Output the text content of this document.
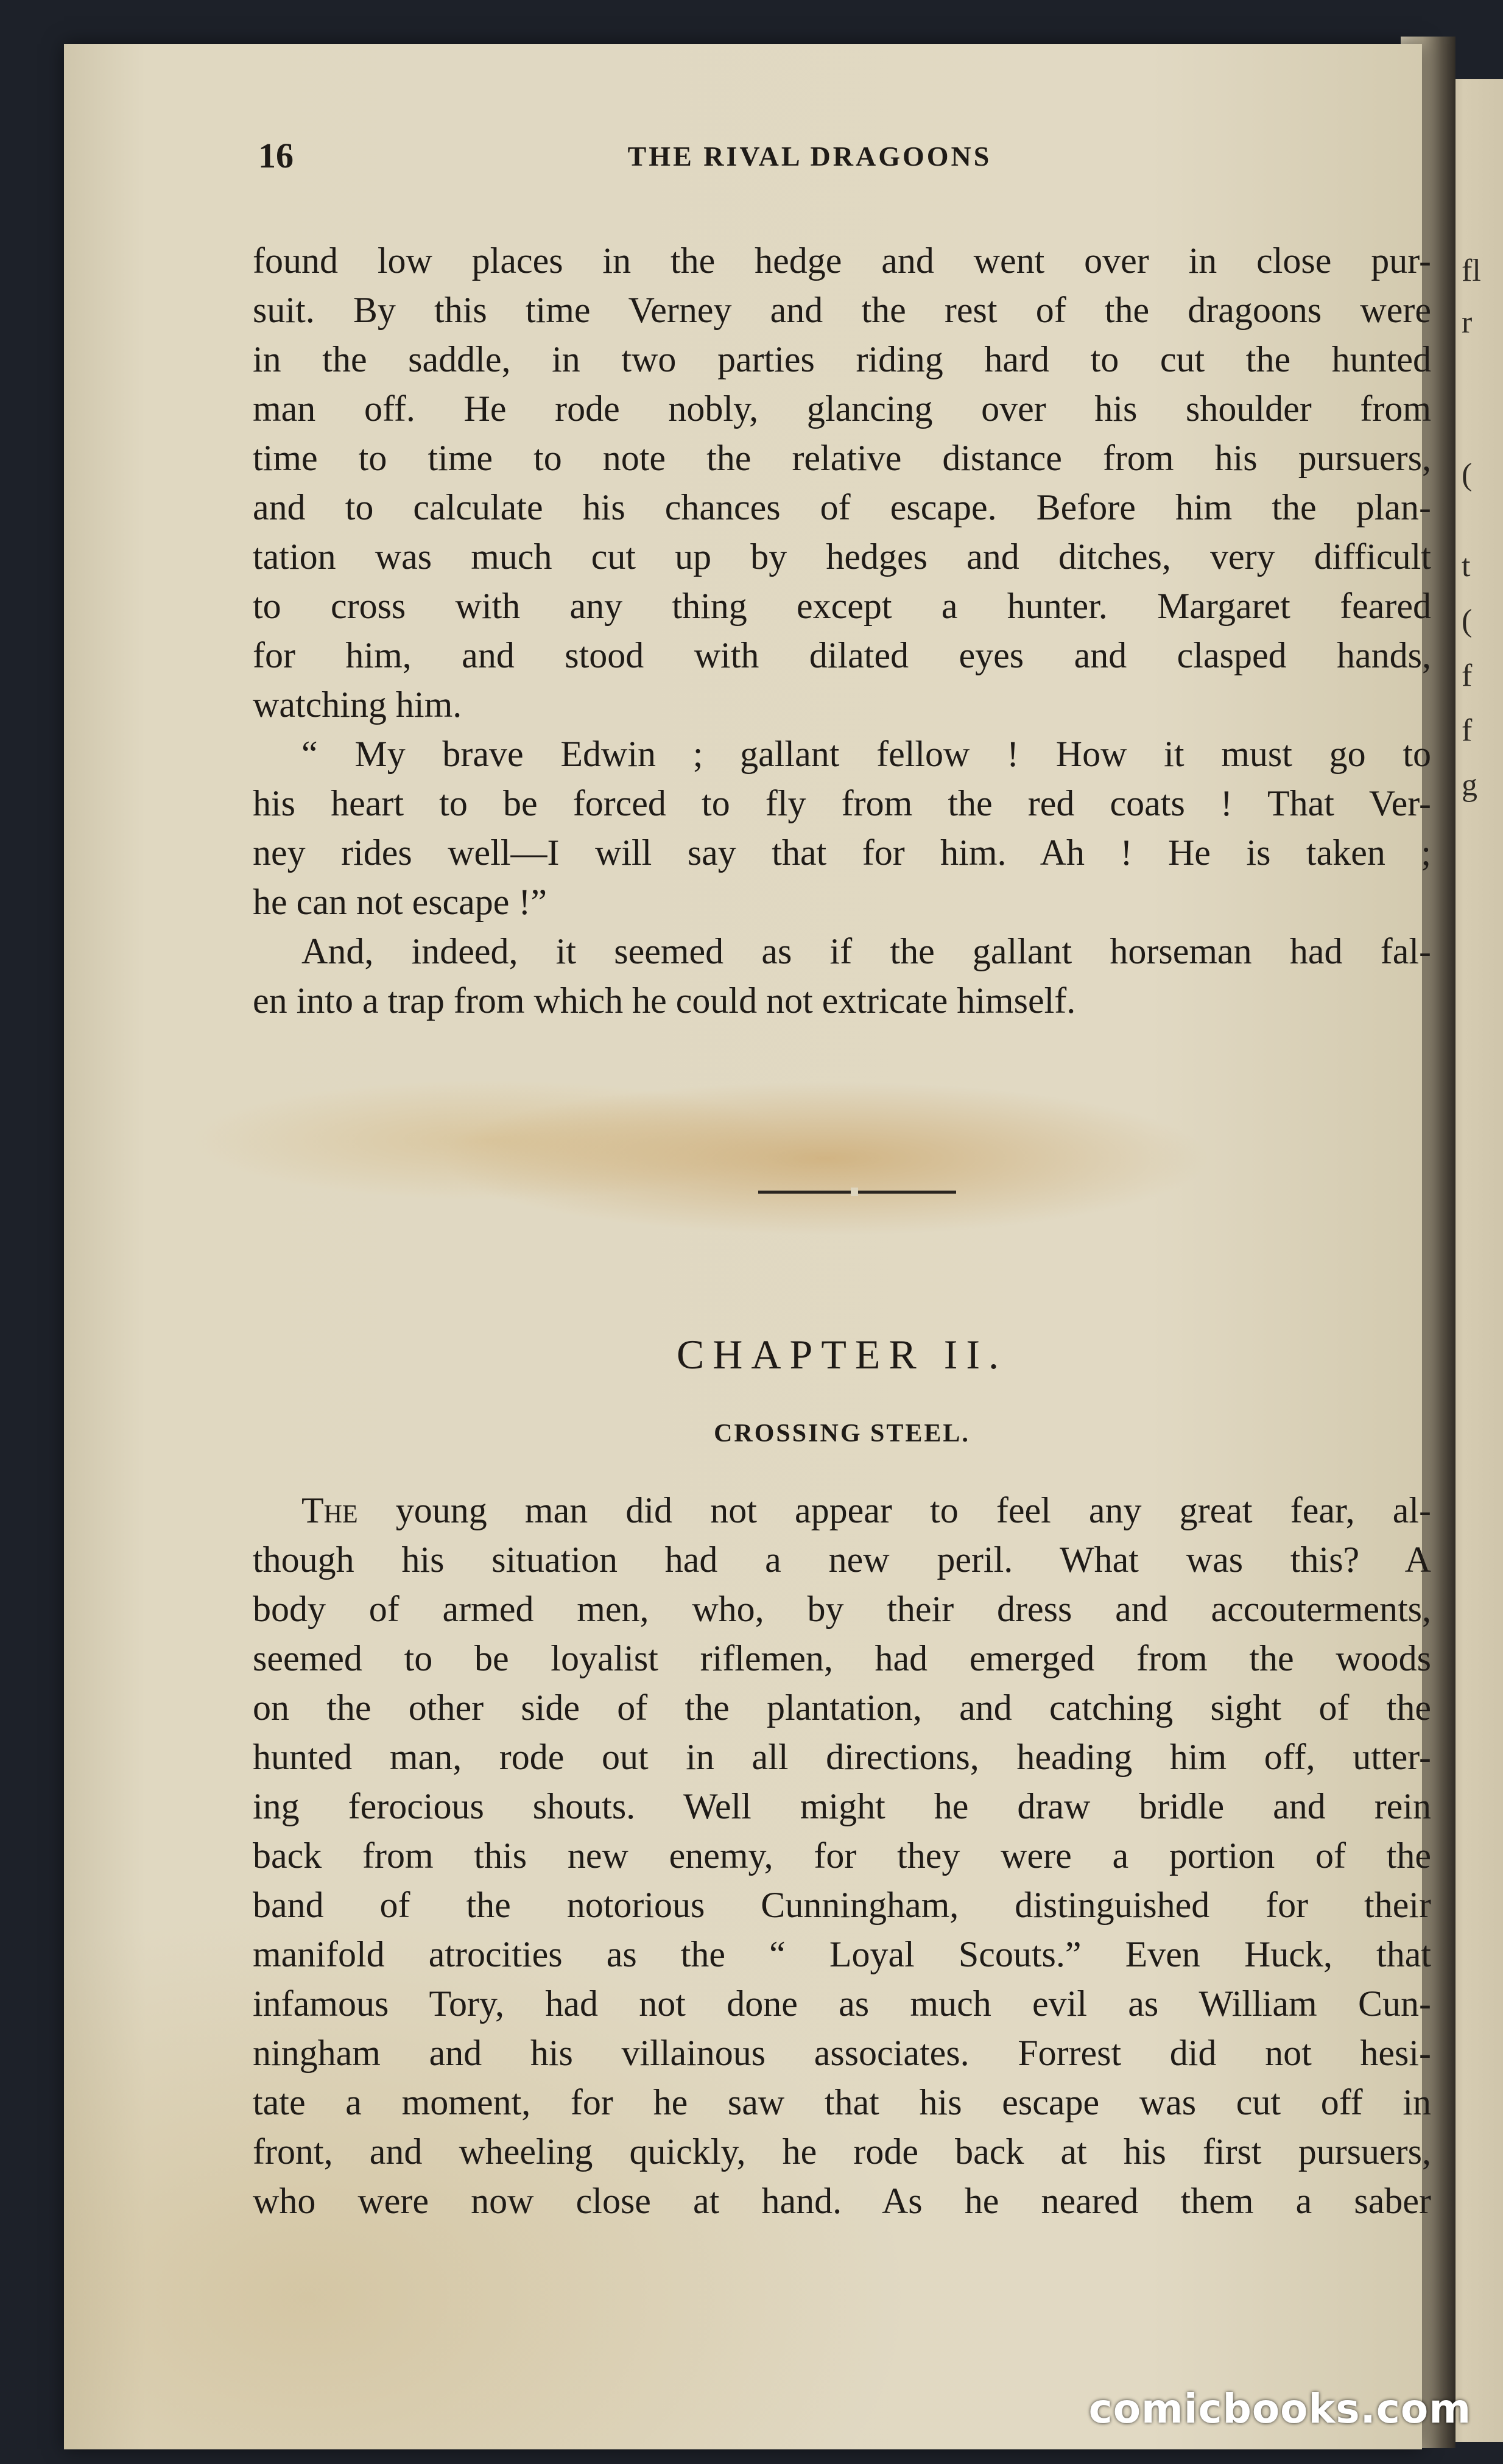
fl
r
(
t
(
f
f
g
16	THE RIVAL DRAGOONS
found low places in the hedge and went over in close pur-
suit. By this time Verney and the rest of the dragoons were
in the saddle, in two parties riding hard to cut the hunted
man off. He rode nobly, glancing over his shoulder from
time to time to note the relative distance from his pursuers,
and to calculate his chances of escape. Before him the plan-
tation was much cut up by hedges and ditches, very difficult
to cross with any thing except a hunter. Margaret feared
for him, and stood with dilated eyes and clasped hands,
watching him.
“ My brave Edwin ; gallant fellow ! How it must go to
his heart to be forced to fly from the red coats ! That Ver-
ney rides well—I will say that for him. Ah ! He is taken ;
he can not escape !”
And, indeed, it seemed as if the gallant horseman had fal-
en into a trap from which he could not extricate himself.
CHAPTER II.
CROSSING STEEL.
The young man did not appear to feel any great fear, al-
though his situation had a new peril. What was this? A
body of armed men, who, by their dress and accouterments,
seemed to be loyalist riflemen, had emerged from the woods
on the other side of the plantation, and catching sight of the
hunted man, rode out in all directions, heading him off, utter-
ing ferocious shouts. Well might he draw bridle and rein
back from this new enemy, for they were a portion of the
band of the notorious Cunningham, distinguished for their
manifold atrocities as the “ Loyal Scouts.” Even Huck, that
infamous Tory, had not done as much evil as William Cun-
ningham and his villainous associates. Forrest did not hesi-
tate a moment, for he saw that his escape was cut off in
front, and wheeling quickly, he rode back at his first pursuers,
who were now close at hand. As he neared them a saber
comicbooks.com
